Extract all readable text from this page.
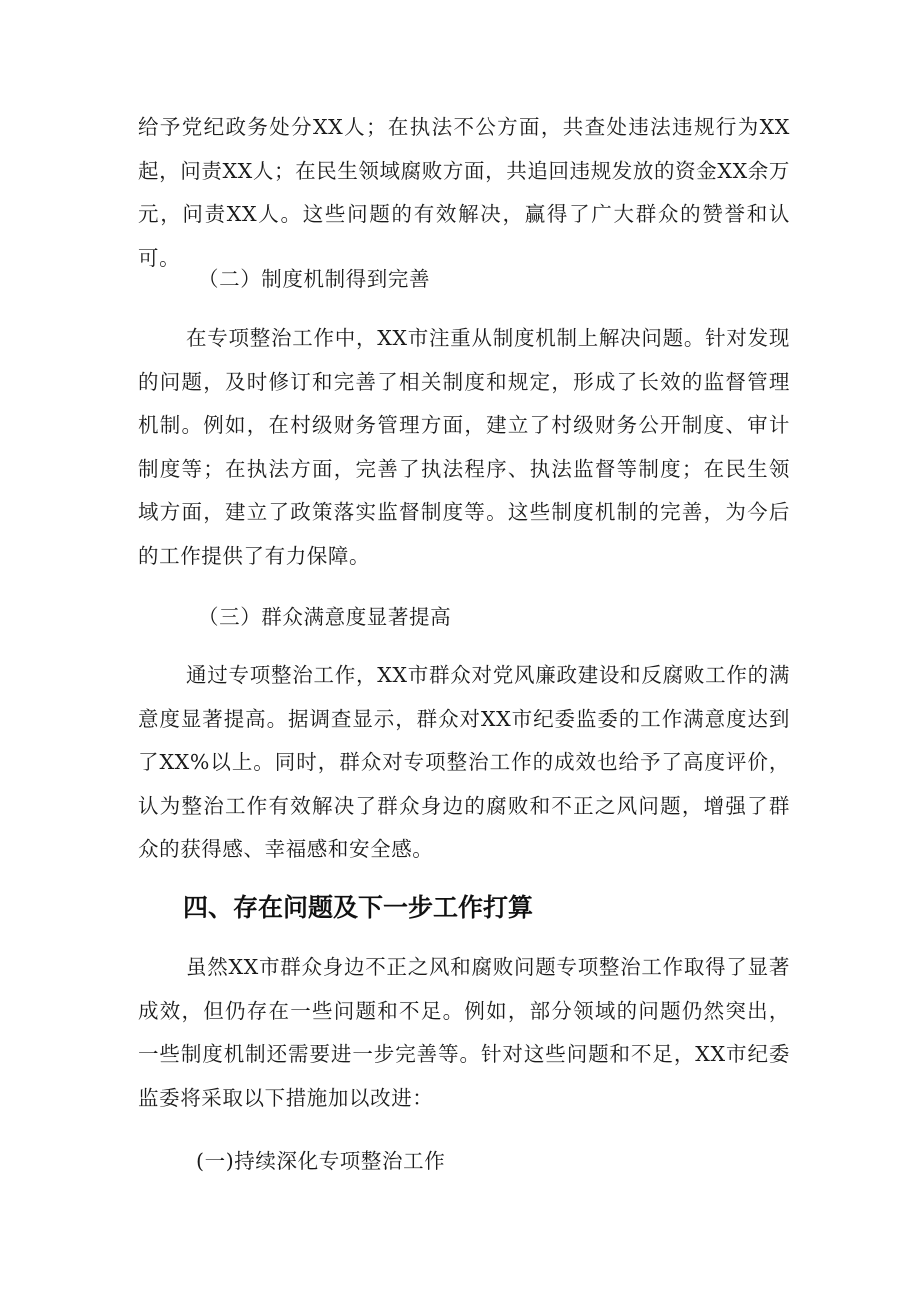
给予党纪政务处分XX人；在执法不公方面，共查处违法违规行为XX起，问责XX人；在民生领域腐败方面，共追回违规发放的资金XX余万元，问责XX人。这些问题的有效解决，赢得了广大群众的赞誉和认可。

（二）制度机制得到完善

在专项整治工作中，XX市注重从制度机制上解决问题。针对发现的问题，及时修订和完善了相关制度和规定，形成了长效的监督管理机制。例如，在村级财务管理方面，建立了村级财务公开制度、审计制度等；在执法方面，完善了执法程序、执法监督等制度；在民生领域方面，建立了政策落实监督制度等。这些制度机制的完善，为今后的工作提供了有力保障。

（三）群众满意度显著提高

通过专项整治工作，XX市群众对党风廉政建设和反腐败工作的满意度显著提高。据调查显示，群众对XX市纪委监委的工作满意度达到了XX%以上。同时，群众对专项整治工作的成效也给予了高度评价，认为整治工作有效解决了群众身边的腐败和不正之风问题，增强了群众的获得感、幸福感和安全感。

四、存在问题及下一步工作打算

虽然XX市群众身边不正之风和腐败问题专项整治工作取得了显著成效，但仍存在一些问题和不足。例如，部分领域的问题仍然突出，一些制度机制还需要进一步完善等。针对这些问题和不足，XX市纪委监委将采取以下措施加以改进：

(一)持续深化专项整治工作
